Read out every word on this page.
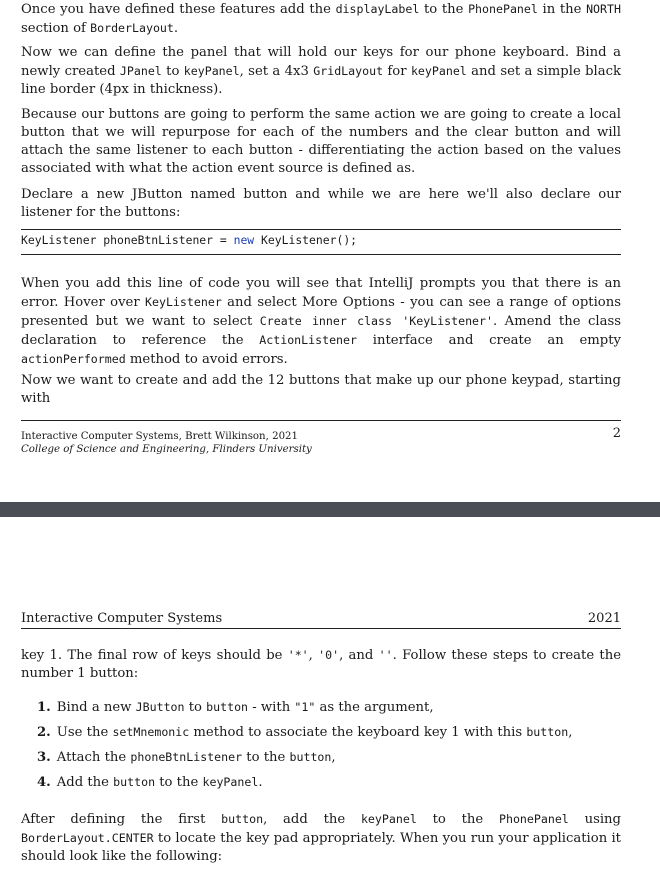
Once you have defined these features add the displayLabel to the PhonePanel in the NORTH section of BorderLayout.

Now we can define the panel that will hold our keys for our phone keyboard. Bind a newly created JPanel to keyPanel, set a 4x3 GridLayout for keyPanel and set a simple black line border (4px in thickness).

Because our buttons are going to perform the same action we are going to create a local button that we will repurpose for each of the numbers and the clear button and will attach the same listener to each button - differentiating the action based on the values associated with what the action event source is defined as.

Declare a new JButton named button and while we are here we'll also declare our listener for the buttons:

KeyListener phoneBtnListener = new KeyListener();

When you add this line of code you will see that IntelliJ prompts you that there is an error. Hover over KeyListener and select More Options - you can see a range of options presented but we want to select Create inner class 'KeyListener'. Amend the class declaration to reference the ActionListener interface and create an empty actionPerformed method to avoid errors.

Now we want to create and add the 12 buttons that make up our phone keypad, starting with

Interactive Computer Systems, Brett Wilkinson, 2021
College of Science and Engineering, Flinders University
2
Interactive Computer Systems	2021

key 1. The final row of keys should be '*', '0', and ''. Follow these steps to create the number 1 button:

1. Bind a new JButton to button - with "1" as the argument,
2. Use the setMnemonic method to associate the keyboard key 1 with this button,
3. Attach the phoneBtnListener to the button,
4. Add the button to the keyPanel.

After defining the first button, add the keyPanel to the PhonePanel using BorderLayout.CENTER to locate the key pad appropriately. When you run your application it should look like the following:
